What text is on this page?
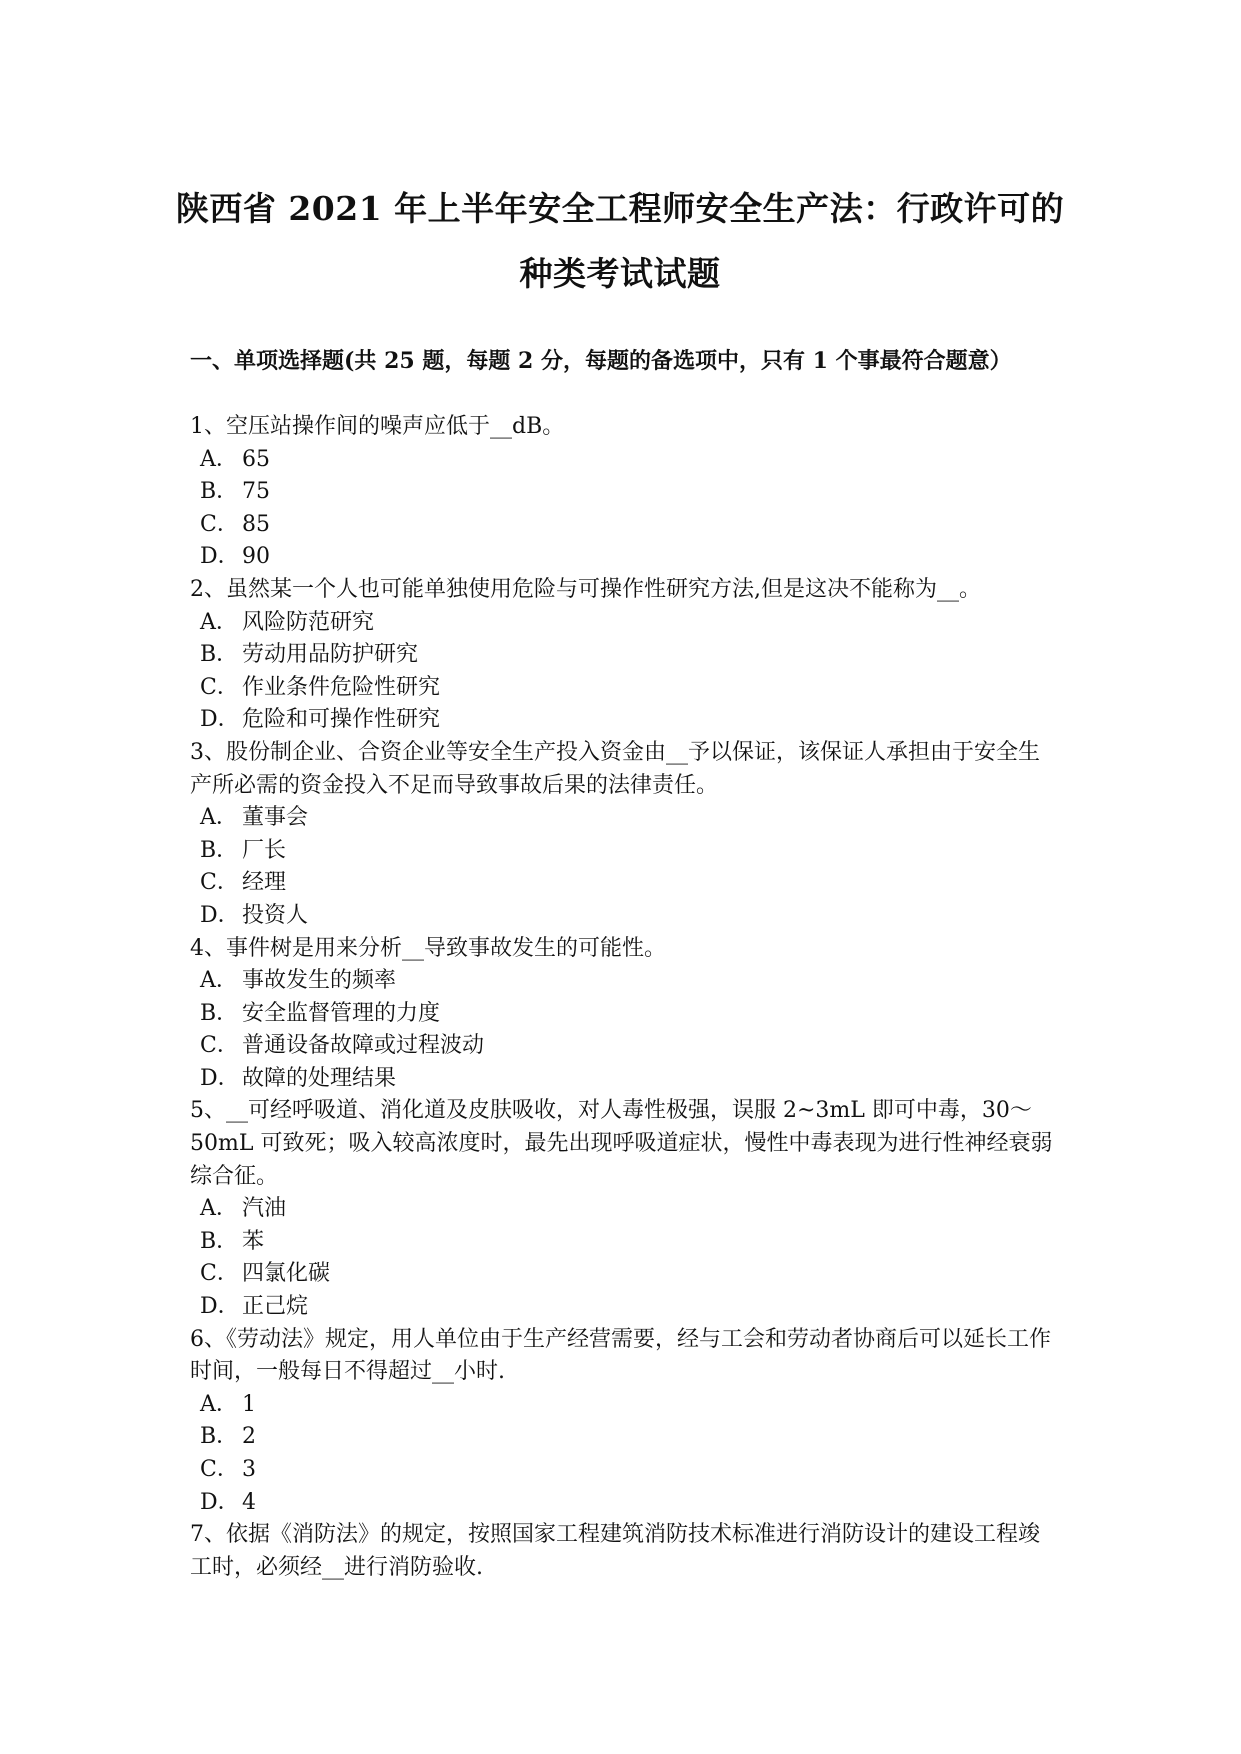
陕西省 2021 年上半年安全工程师安全生产法：行政许可的
种类考试试题
一、单项选择题(共 25 题，每题 2 分，每题的备选项中，只有 1 个事最符合题意）

1、空压站操作间的噪声应低于__dB。

A． 65

B． 75

C． 85

D． 90

2、虽然某一个人也可能单独使用危险与可操作性研究方法,但是这决不能称为__。

A． 风险防范研究

B． 劳动用品防护研究

C． 作业条件危险性研究

D． 危险和可操作性研究

3、股份制企业、合资企业等安全生产投入资金由__予以保证，该保证人承担由于安全生产所必需的资金投入不足而导致事故后果的法律责任。

A． 董事会

B． 厂长

C． 经理

D． 投资人

4、事件树是用来分析__导致事故发生的可能性。

A． 事故发生的频率

B． 安全监督管理的力度

C． 普通设备故障或过程波动

D． 故障的处理结果

5、__可经呼吸道、消化道及皮肤吸收，对人毒性极强，误服 2~3mL 即可中毒，30～ 50mL 可致死；吸入较高浓度时，最先出现呼吸道症状，慢性中毒表现为进行性神经衰弱综合征。

A． 汽油

B． 苯

C． 四氯化碳

D． 正己烷

6、《劳动法》规定，用人单位由于生产经营需要，经与工会和劳动者协商后可以延长工作时间，一般每日不得超过__小时.

A． 1

B． 2

C． 3

D． 4

7、依据《消防法》的规定，按照国家工程建筑消防技术标准进行消防设计的建设工程竣工时，必须经__进行消防验收.
